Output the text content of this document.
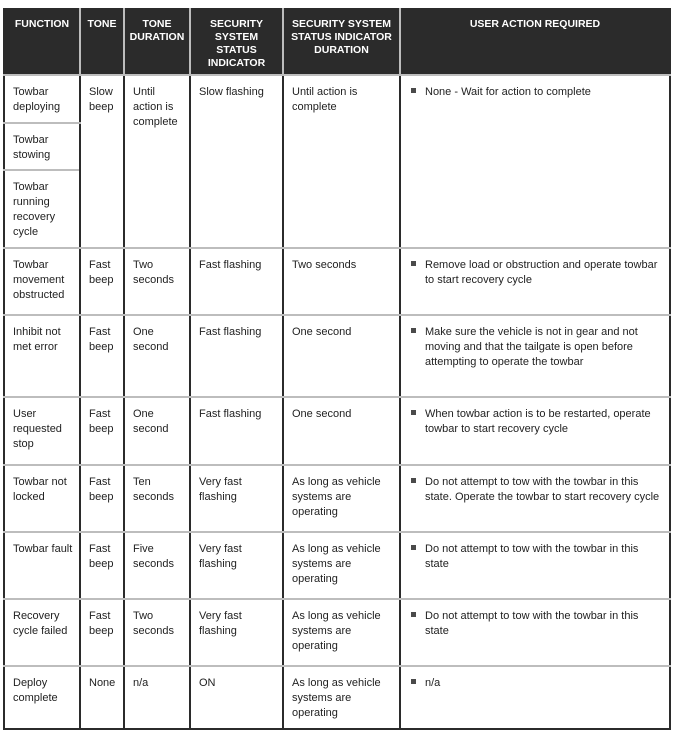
FUNCTION	TONE	TONE DURATION	SECURITY SYSTEM STATUS INDICATOR	SECURITY SYSTEM STATUS INDICATOR DURATION	USER ACTION REQUIRED
Towbar deploying	Slow beep	Until action is complete	Slow flashing	Until action is complete	None - Wait for action to complete

Towbar stowing					
Towbar running recovery cycle					
Towbar movement obstructed	Fast beep	Two seconds	Fast flashing	Two seconds	Remove load or obstruction and operate towbar to start recovery cycle

Inhibit not met error	Fast beep	One second	Fast flashing	One second	Make sure the vehicle is not in gear and not moving and that the tailgate is open before attempting to operate the towbar

User requested stop	Fast beep	One second	Fast flashing	One second	When towbar action is to be restarted, operate towbar to start recovery cycle

Towbar not locked	Fast beep	Ten seconds	Very fast flashing	As long as vehicle systems are operating	Do not attempt to tow with the towbar in this state. Operate the towbar to start recovery cycle

Towbar fault	Fast beep	Five seconds	Very fast flashing	As long as vehicle systems are operating	Do not attempt to tow with the towbar in this state

Recovery cycle failed	Fast beep	Two seconds	Very fast flashing	As long as vehicle systems are operating	Do not attempt to tow with the towbar in this state

Deploy complete	None	n/a	ON	As long as vehicle systems are operating	n/a
